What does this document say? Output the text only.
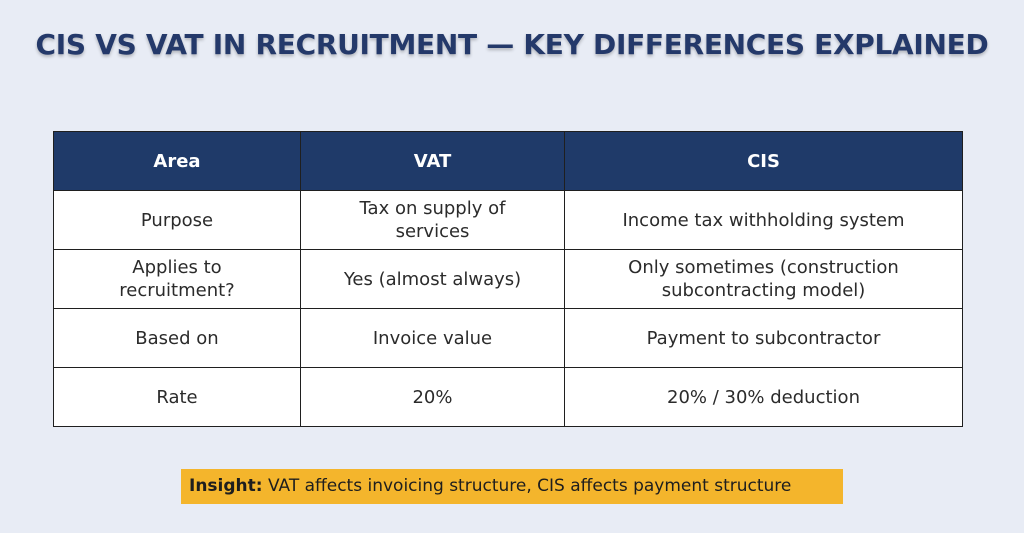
CIS VS VAT IN RECRUITMENT — KEY DIFFERENCES EXPLAINED
Area	VAT	CIS
Purpose	Tax on supply of services	Income tax withholding system
Applies to recruitment?	Yes (almost always)	Only sometimes (construction subcontracting model)
Based on	Invoice value	Payment to subcontractor
Rate	20%	20% / 30% deduction
Insight: VAT affects invoicing structure, CIS affects payment structure
